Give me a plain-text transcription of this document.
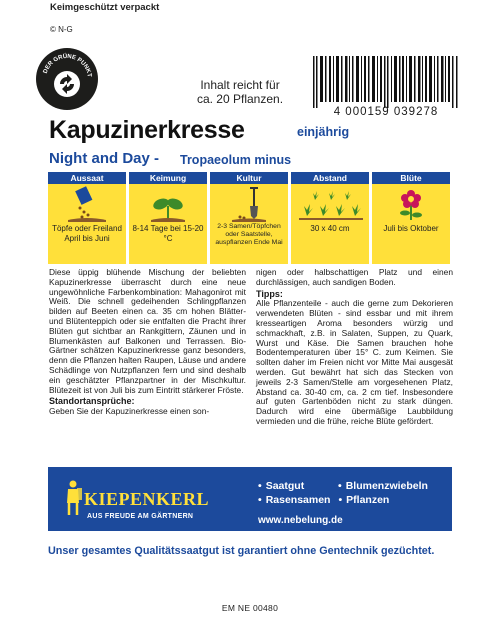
Keimgeschützt verpackt
© N-G
DER GRÜNE PUNKT
Inhalt reicht für
ca. 20 Pflanzen.
4 000159 039278
Kapuzinerkresse	einjährig
Night and Day - Tropaeolum minus
Aussaat
Töpfe oder Freiland April bis Juni
Keimung
8-14 Tage bei 15-20 °C
Kultur
2-3 Samen/Töpfchen oder Saatstelle, auspflanzen Ende Mai
Abstand
30 x 40 cm
Blüte
Juli bis Oktober
Diese üppig blühende Mischung der beliebten Kapuzinerkresse überrascht durch eine neue ungewöhnliche Farbenkombination: Mahagonirot mit Weiß. Die schnell gedeihenden Schlingpflanzen bilden auf Beeten einen ca. 35 cm hohen Blätter- und Blütenteppich oder sie entfalten die Pracht ihrer Blüten gut sichtbar an Rankgittern, Zäunen und in Blumenkästen auf Balkonen und Terrassen. Bio-Gärtner schätzen Kapuzinerkresse ganz besonders, denn die Pflanzen halten Raupen, Läuse und andere Schädlinge von Nutzpflanzen fern und sind deshalb ein geschätzter Pflanzpartner in der Mischkultur. Blütezeit ist von Juli bis zum Eintritt stärkerer Fröste.
Standortansprüche:
Geben Sie der Kapuzinerkresse einen son-
nigen oder halbschattigen Platz und einen durchlässigen, auch sandigen Boden.
Tipps:
Alle Pflanzenteile - auch die gerne zum Dekorieren verwendeten Blüten - sind essbar und mit ihrem kresseartigen Aroma besonders würzig und schmackhaft, z.B. in Salaten, Suppen, zu Quark, Wurst und Käse. Die Samen brauchen hohe Bodentemperaturen über 15° C. zum Keimen. Sie sollten daher im Freien nicht vor Mitte Mai ausgesät werden. Gut bewährt hat sich das Stecken von jeweils 2-3 Samen/Stelle am vorgesehenen Platz, Abstand ca. 30-40 cm, ca. 2 cm tief. Insbesondere auf guten Gartenböden nicht zu stark düngen. Dadurch wird eine übermäßige Laubbildung vermieden und die frühe, reiche Blüte gefördert.
KIEPENKERL
AUS FREUDE AM GÄRTNERN
• Saatgut	• Blumenzwiebeln
• Rasensamen • Pflanzen
www.nebelung.de
Unser gesamtes Qualitätssaatgut ist garantiert ohne Gentechnik gezüchtet.
EM NE 00480
